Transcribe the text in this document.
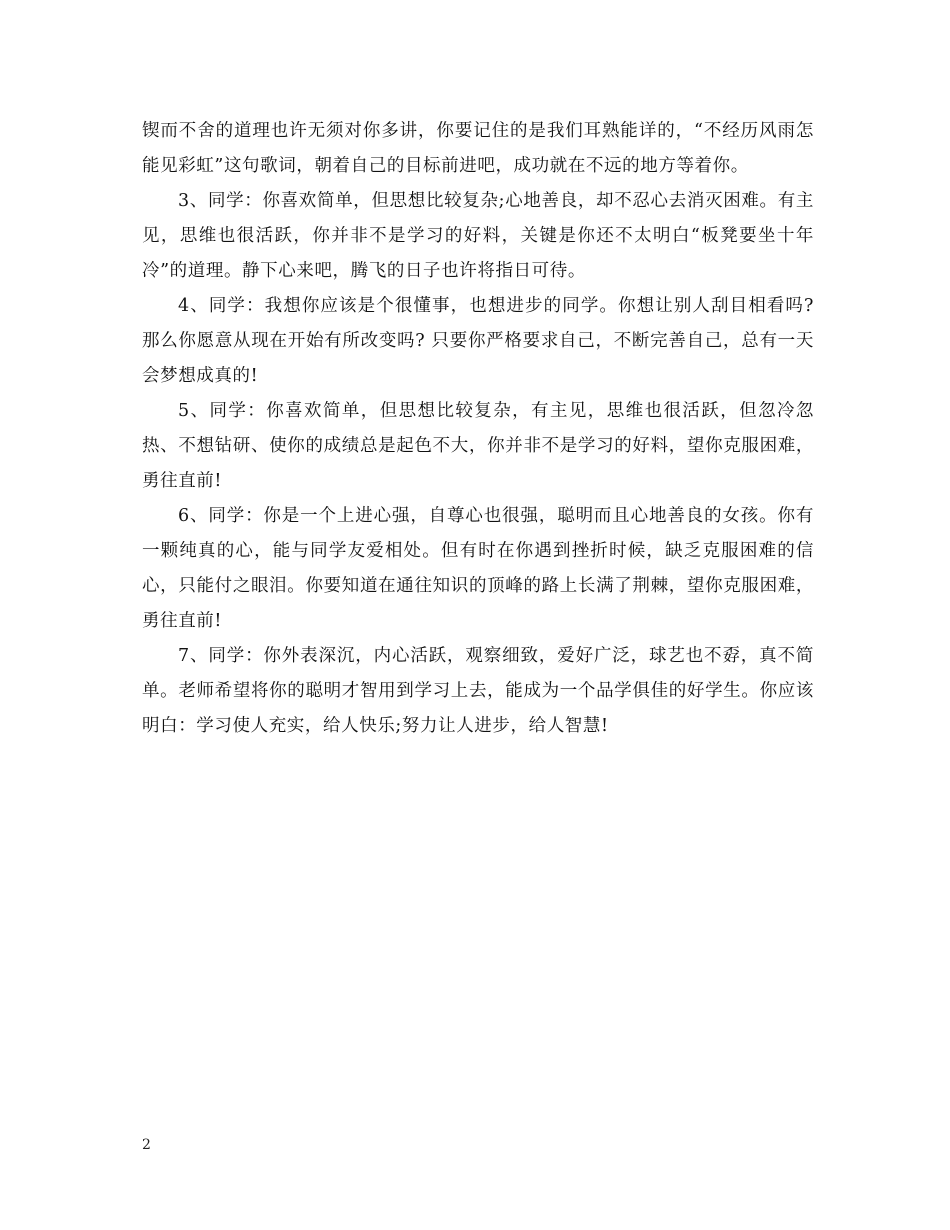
锲而不舍的道理也许无须对你多讲，你要记住的是我们耳熟能详的，“不经历风雨怎能见彩虹”这句歌词，朝着自己的目标前进吧，成功就在不远的地方等着你。

3、同学：你喜欢简单，但思想比较复杂;心地善良，却不忍心去消灭困难。有主见，思维也很活跃，你并非不是学习的好料，关键是你还不太明白“板凳要坐十年冷”的道理。静下心来吧，腾飞的日子也许将指日可待。

4、同学：我想你应该是个很懂事，也想进步的同学。你想让别人刮目相看吗?那么你愿意从现在开始有所改变吗? 只要你严格要求自己，不断完善自己，总有一天会梦想成真的!

5、同学：你喜欢简单，但思想比较复杂，有主见，思维也很活跃，但忽冷忽热、不想钻研、使你的成绩总是起色不大，你并非不是学习的好料，望你克服困难，勇往直前!

6、同学：你是一个上进心强，自尊心也很强，聪明而且心地善良的女孩。你有一颗纯真的心，能与同学友爱相处。但有时在你遇到挫折时候，缺乏克服困难的信心，只能付之眼泪。你要知道在通往知识的顶峰的路上长满了荆棘，望你克服困难，勇往直前!

7、同学：你外表深沉，内心活跃，观察细致，爱好广泛，球艺也不孬，真不简单。老师希望将你的聪明才智用到学习上去，能成为一个品学俱佳的好学生。你应该明白：学习使人充实，给人快乐;努力让人进步，给人智慧!

2
